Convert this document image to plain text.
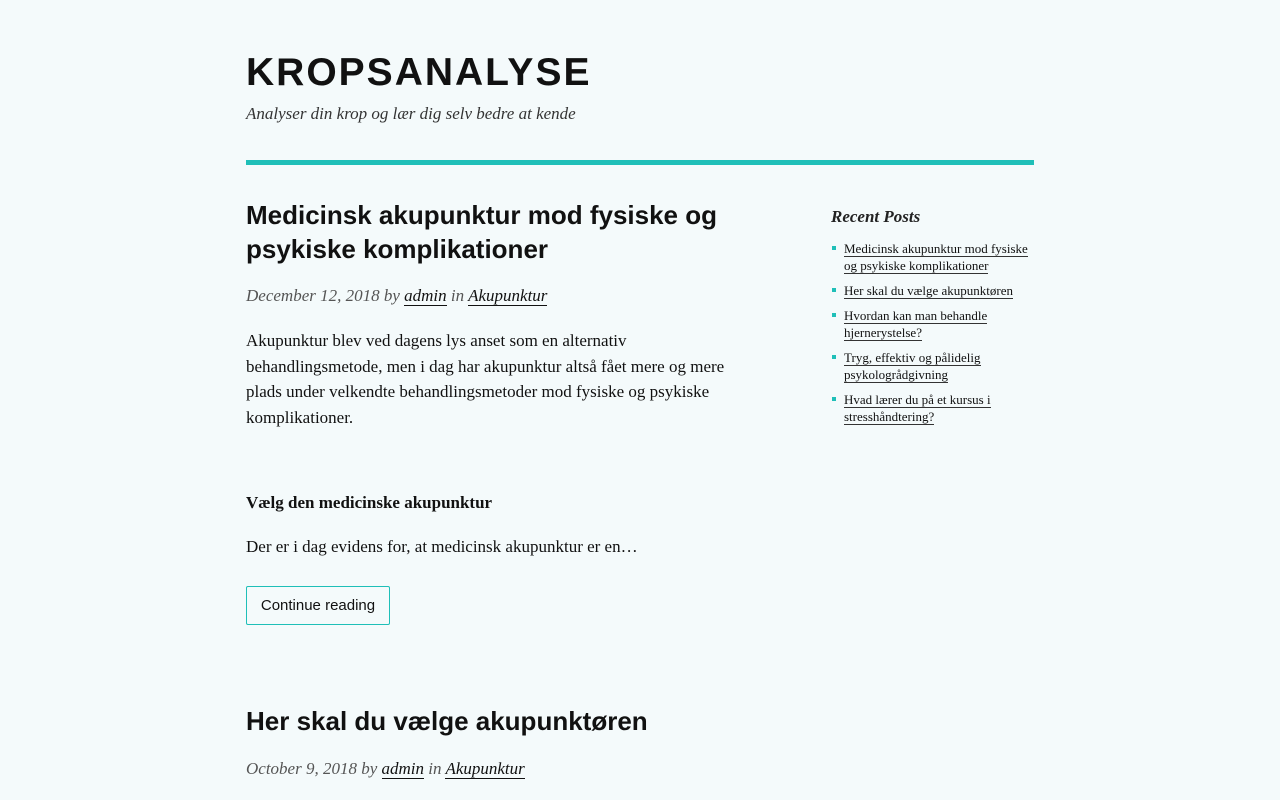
KROPSANALYSE

Analyser din krop og lær dig selv bedre at kende

Medicinsk akupunktur mod fysiske og psykiske komplikationer
December 12, 2018 by admin in Akupunktur

Akupunktur blev ved dagens lys anset som en alternativ behandlingsmetode, men i dag har akupunktur altså fået mere og mere plads under velkendte behandlingsmetoder mod fysiske og psykiske komplikationer.

Vælg den medicinske akupunktur

Der er i dag evidens for, at medicinsk akupunktur er en…

Continue reading
Her skal du vælge akupunktøren
October 9, 2018 by admin in Akupunktur
Recent Posts
Medicinsk akupunktur mod fysiske og psykiske komplikationer
Her skal du vælge akupunktøren
Hvordan kan man behandle hjernerystelse?
Tryg, effektiv og pålidelig psykologrådgivning
Hvad lærer du på et kursus i stresshåndtering?
